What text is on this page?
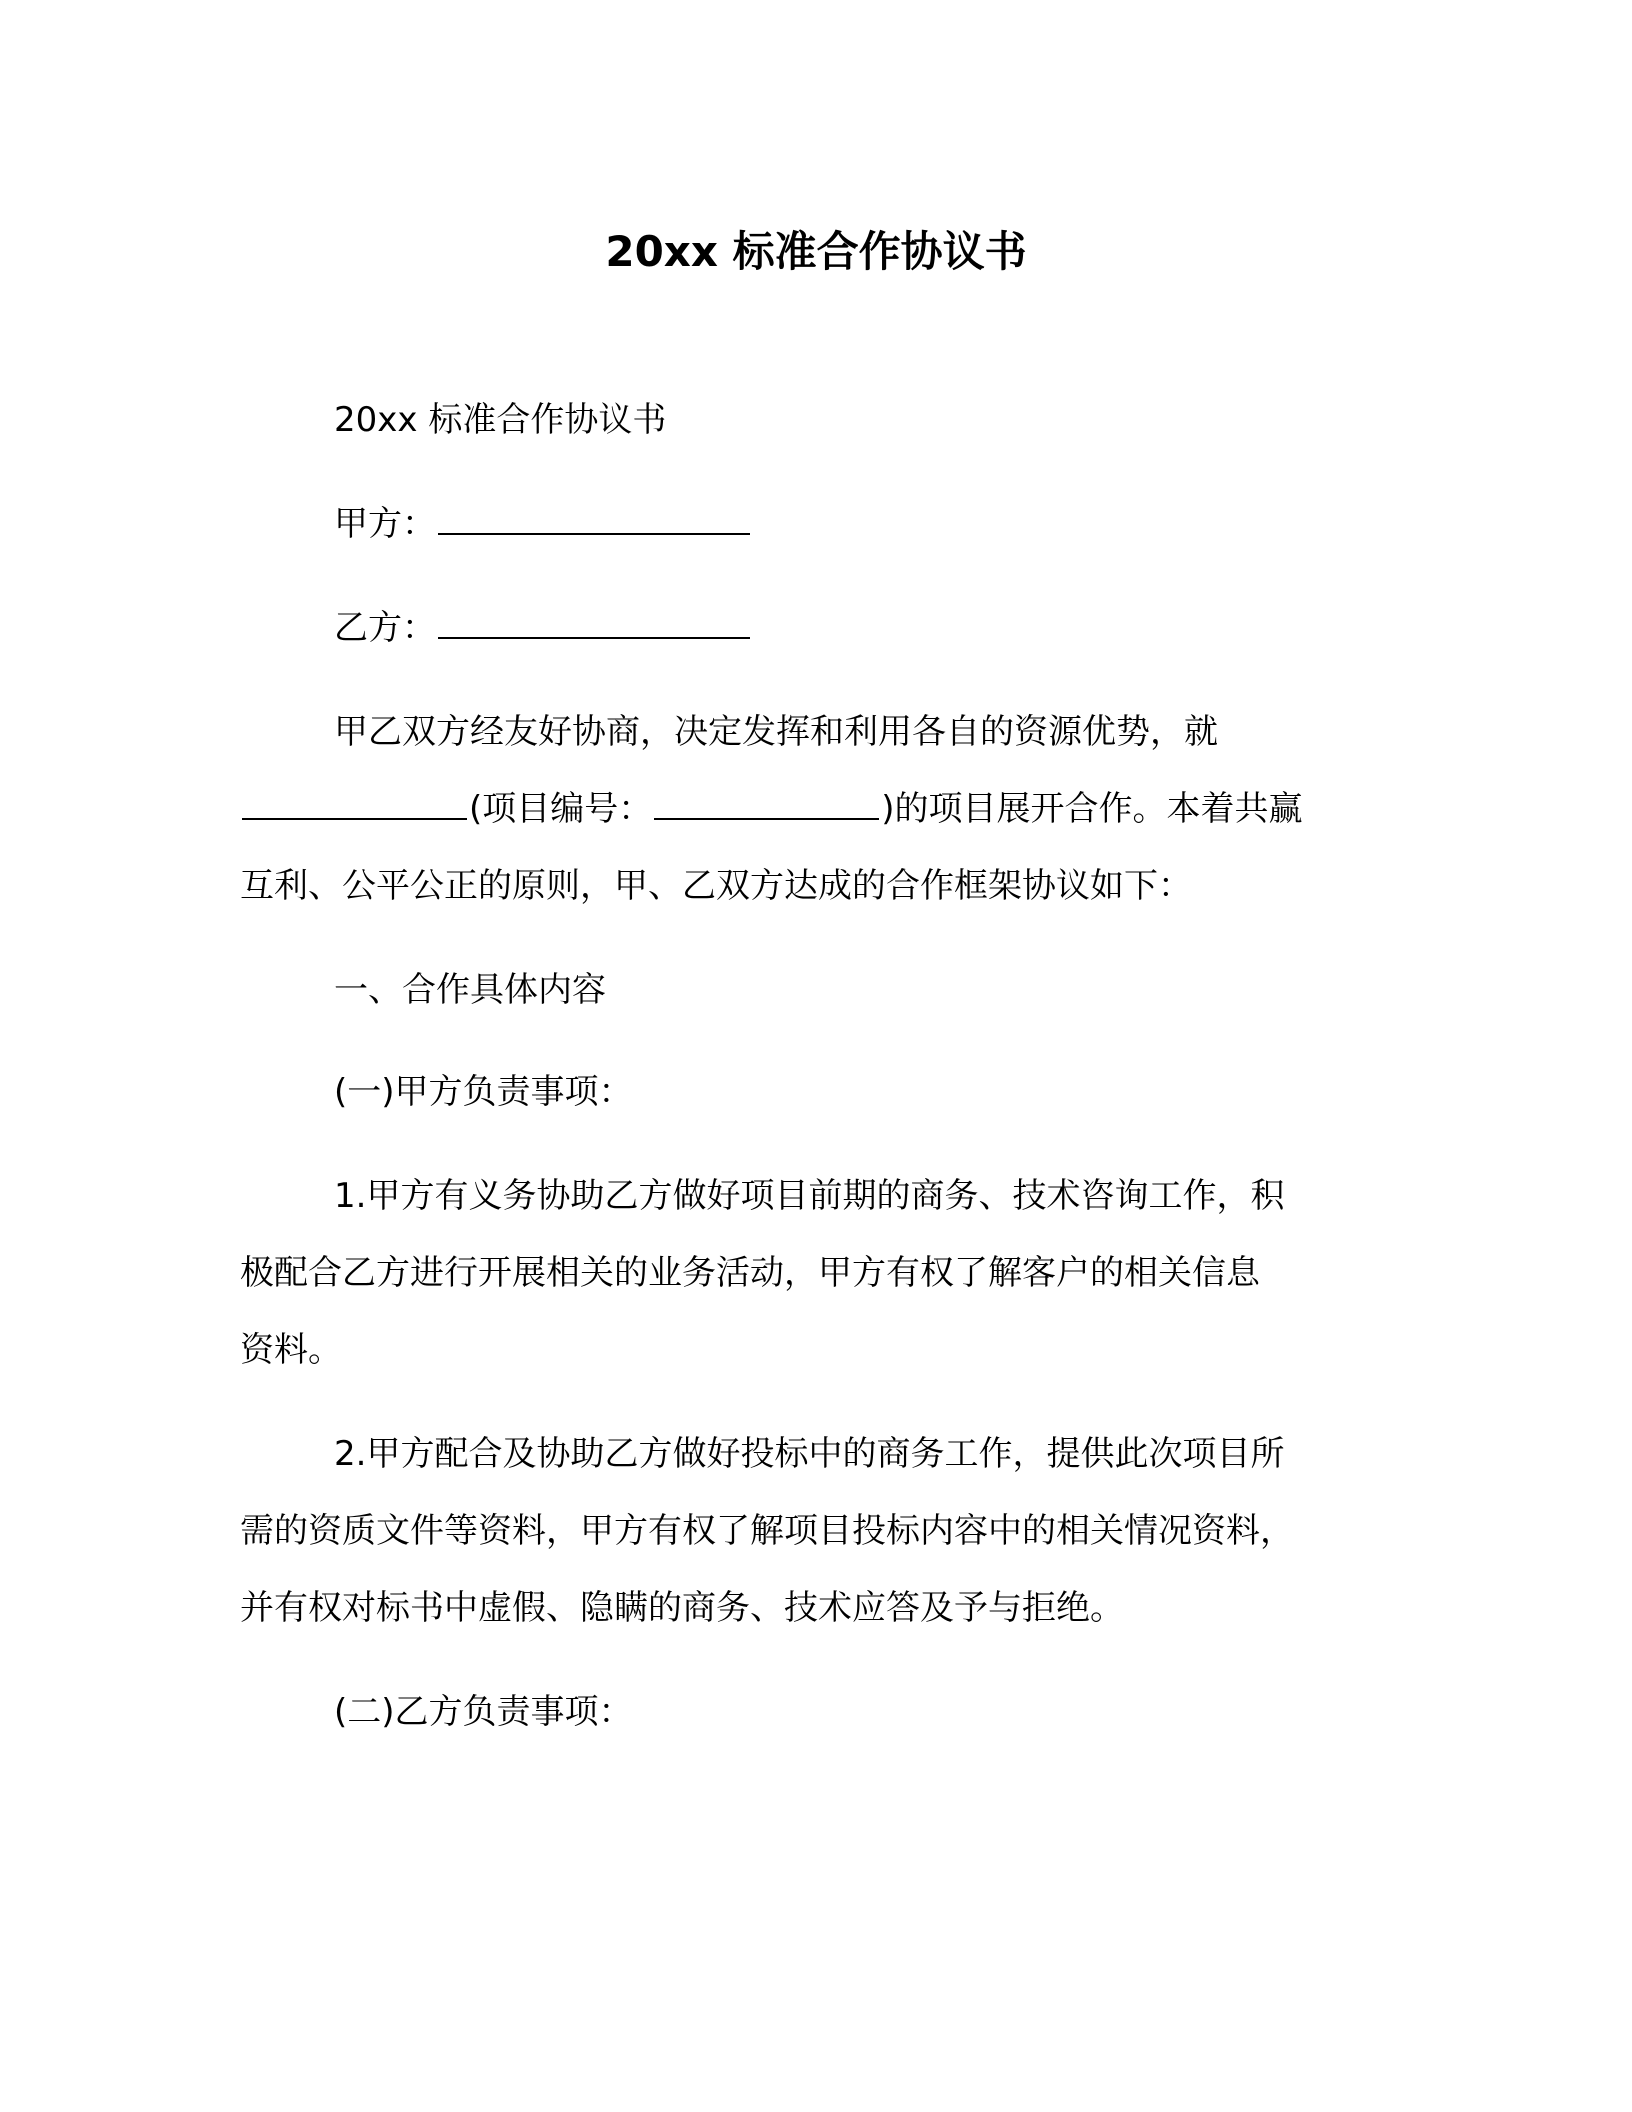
20xx 标准合作协议书
20xx 标准合作协议书
甲方：
乙方：
甲乙双方经友好协商，决定发挥和利用各自的资源优势，就
(项目编号：	)的项目展开合作。本着共赢
互利、公平公正的原则，甲、乙双方达成的合作框架协议如下：
一、合作具体内容
(一)甲方负责事项：
1.甲方有义务协助乙方做好项目前期的商务、技术咨询工作，积
极配合乙方进行开展相关的业务活动，甲方有权了解客户的相关信息
资料。
2.甲方配合及协助乙方做好投标中的商务工作，提供此次项目所
需的资质文件等资料，甲方有权了解项目投标内容中的相关情况资料，
并有权对标书中虚假、隐瞒的商务、技术应答及予与拒绝。
(二)乙方负责事项：
